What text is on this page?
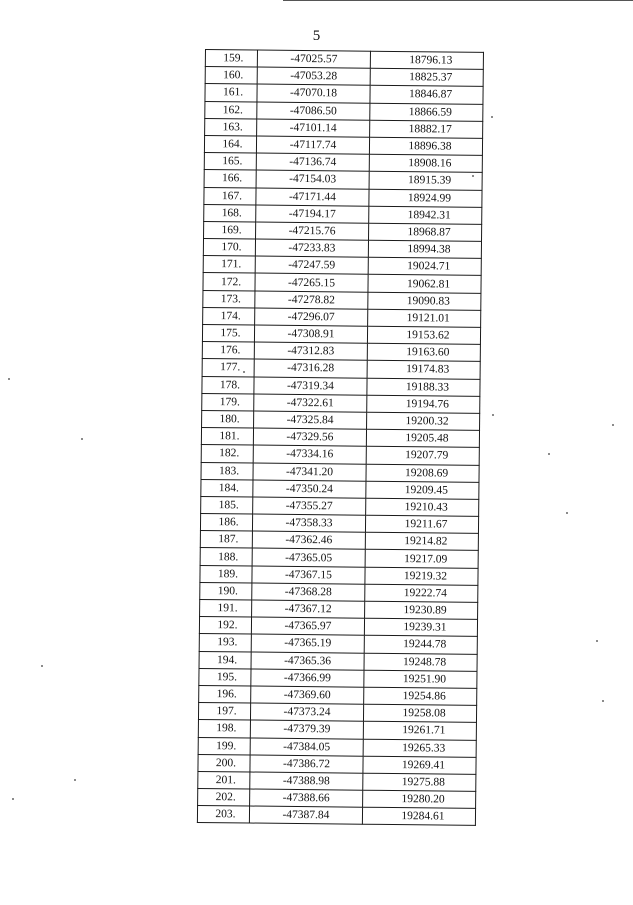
5
159.	-47025.57	18796.13
160.	-47053.28	18825.37
161.	-47070.18	18846.87
162.	-47086.50	18866.59
163.	-47101.14	18882.17
164.	-47117.74	18896.38
165.	-47136.74	18908.16
166.	-47154.03	18915.39
167.	-47171.44	18924.99
168.	-47194.17	18942.31
169.	-47215.76	18968.87
170.	-47233.83	18994.38
171.	-47247.59	19024.71
172.	-47265.15	19062.81
173.	-47278.82	19090.83
174.	-47296.07	19121.01
175.	-47308.91	19153.62
176.	-47312.83	19163.60
177.	-47316.28	19174.83
178.	-47319.34	19188.33
179.	-47322.61	19194.76
180.	-47325.84	19200.32
181.	-47329.56	19205.48
182.	-47334.16	19207.79
183.	-47341.20	19208.69
184.	-47350.24	19209.45
185.	-47355.27	19210.43
186.	-47358.33	19211.67
187.	-47362.46	19214.82
188.	-47365.05	19217.09
189.	-47367.15	19219.32
190.	-47368.28	19222.74
191.	-47367.12	19230.89
192.	-47365.97	19239.31
193.	-47365.19	19244.78
194.	-47365.36	19248.78
195.	-47366.99	19251.90
196.	-47369.60	19254.86
197.	-47373.24	19258.08
198.	-47379.39	19261.71
199.	-47384.05	19265.33
200.	-47386.72	19269.41
201.	-47388.98	19275.88
202.	-47388.66	19280.20
203.	-47387.84	19284.61
